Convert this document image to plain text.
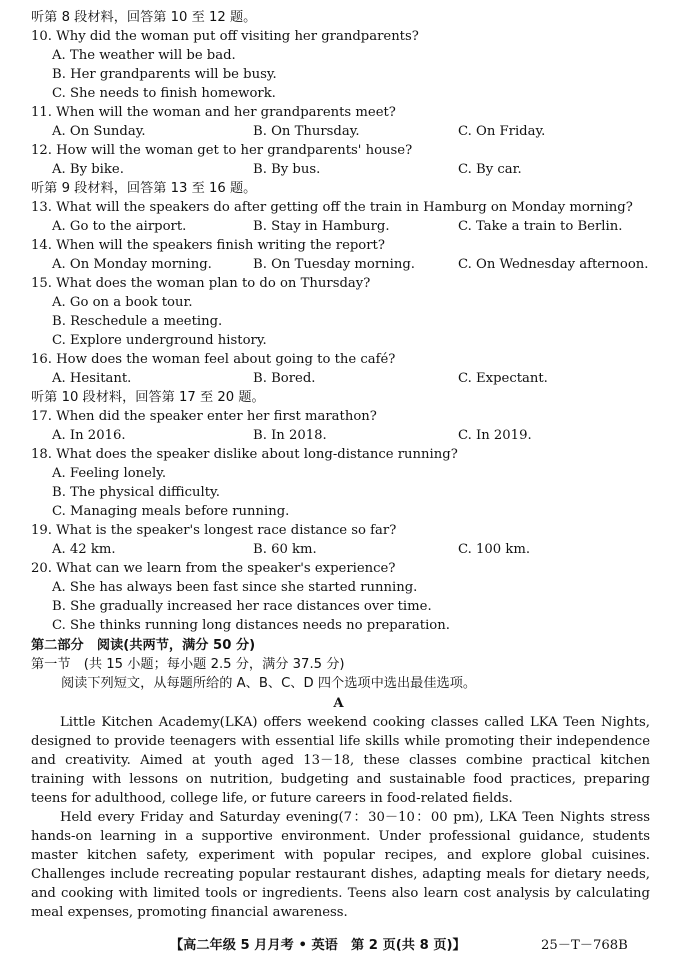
听第 8 段材料，回答第 10 至 12 题。
10. Why did the woman put off visiting her grandparents?
A. The weather will be bad.
B. Her grandparents will be busy.
C. She needs to finish homework.
11. When will the woman and her grandparents meet?
A. On Sunday.	B. On Thursday.	C. On Friday.
12. How will the woman get to her grandparents' house?
A. By bike.	B. By bus.	C. By car.
听第 9 段材料，回答第 13 至 16 题。
13. What will the speakers do after getting off the train in Hamburg on Monday morning?
A. Go to the airport.	B. Stay in Hamburg.	C. Take a train to Berlin.
14. When will the speakers finish writing the report?
A. On Monday morning.	B. On Tuesday morning.	C. On Wednesday afternoon.
15. What does the woman plan to do on Thursday?
A. Go on a book tour.
B. Reschedule a meeting.
C. Explore underground history.
16. How does the woman feel about going to the café?
A. Hesitant.	B. Bored.	C. Expectant.
听第 10 段材料，回答第 17 至 20 题。
17. When did the speaker enter her first marathon?
A. In 2016.	B. In 2018.	C. In 2019.
18. What does the speaker dislike about long-distance running?
A. Feeling lonely.
B. The physical difficulty.
C. Managing meals before running.
19. What is the speaker's longest race distance so far?
A. 42 km.	B. 60 km.	C. 100 km.
20. What can we learn from the speaker's experience?
A. She has always been fast since she started running.
B. She gradually increased her race distances over time.
C. She thinks running long distances needs no preparation.
第二部分　阅读(共两节，满分 50 分)
第一节　(共 15 小题；每小题 2.5 分，满分 37.5 分)
阅读下列短文，从每题所给的 A、B、C、D 四个选项中选出最佳选项。
A

Little Kitchen Academy(LKA) offers weekend cooking classes called LKA Teen Nights, designed to provide teenagers with essential life skills while promoting their independence and creativity. Aimed at youth aged 13－18, these classes combine practical kitchen training with lessons on nutrition, budgeting and sustainable food practices, preparing teens for adulthood, college life, or future careers in food-related fields.

Held every Friday and Saturday evening(7：30－10：00 pm), LKA Teen Nights stress hands-on learning in a supportive environment. Under professional guidance, students master kitchen safety, experiment with popular recipes, and explore global cuisines. Challenges include recreating popular restaurant dishes, adapting meals for dietary needs, and cooking with limited tools or ingredients. Teens also learn cost analysis by calculating meal expenses, promoting financial awareness.

【高二年级 5 月月考 • 英语　第 2 页(共 8 页)】	25－T－768B
